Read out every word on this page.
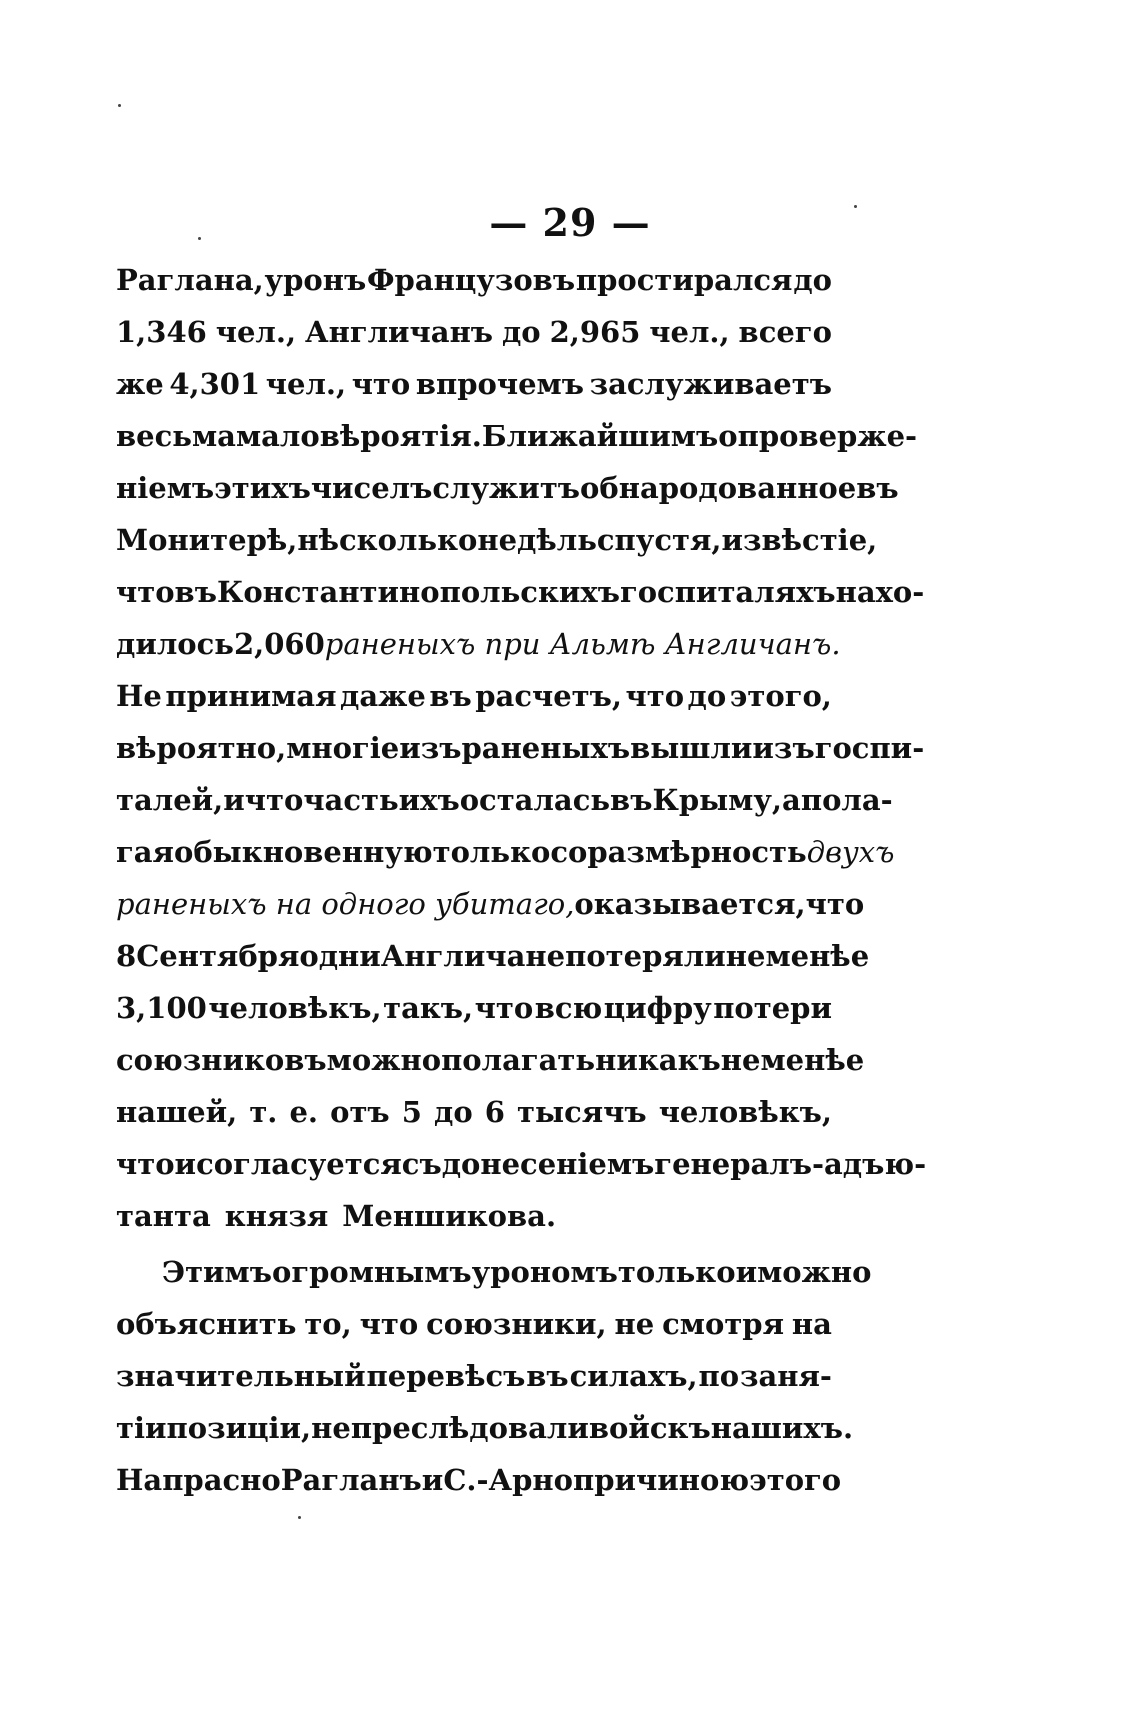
— 29 —
Раглана, уронъ Французовъ простирался до
1,346 чел., Англичанъ до 2,965 чел., всего
же 4,301 чел., что впрочемъ заслуживаетъ
весьма мало вѣроятія. Ближайшимъ опроверже-
ніемъ этихъ чиселъ служитъ обнародованное въ
Монитерѣ, нѣсколько недѣль спустя, извѣстіе,
что въ Константинопольскихъ госпиталяхъ нахо-
дилось 2,060 раненыхъ при Альмѣ Англичанъ.
Не принимая даже въ расчетъ, что до этого,
вѣроятно, многіе изъ раненыхъ вышли изъ госпи-
талей, и что часть ихъ осталась въ Крыму, а пола-
гая обыкновенную только соразмѣрность двухъ
раненыхъ на одного убитаго, оказывается, что
8 Сентября одни Англичане потеряли не менѣе
3,100 человѣкъ, такъ, что всю цифру потери
союзниковъ можно полагать никакъ не менѣе
нашей, т. е. отъ 5 до 6 тысячъ человѣкъ,
что и согласуется съ донесеніемъ генералъ-адъю-
танта князя Меншикова.
Этимъ огромнымъ урономъ только и можно
объяснить то, что союзники, не смотря на
значительный перевѣсъ въ силахъ, по заня-
тіи позиціи, не преслѣдовали войскъ нашихъ.
Напрасно Рагланъ и С.-Арно причиною этого
